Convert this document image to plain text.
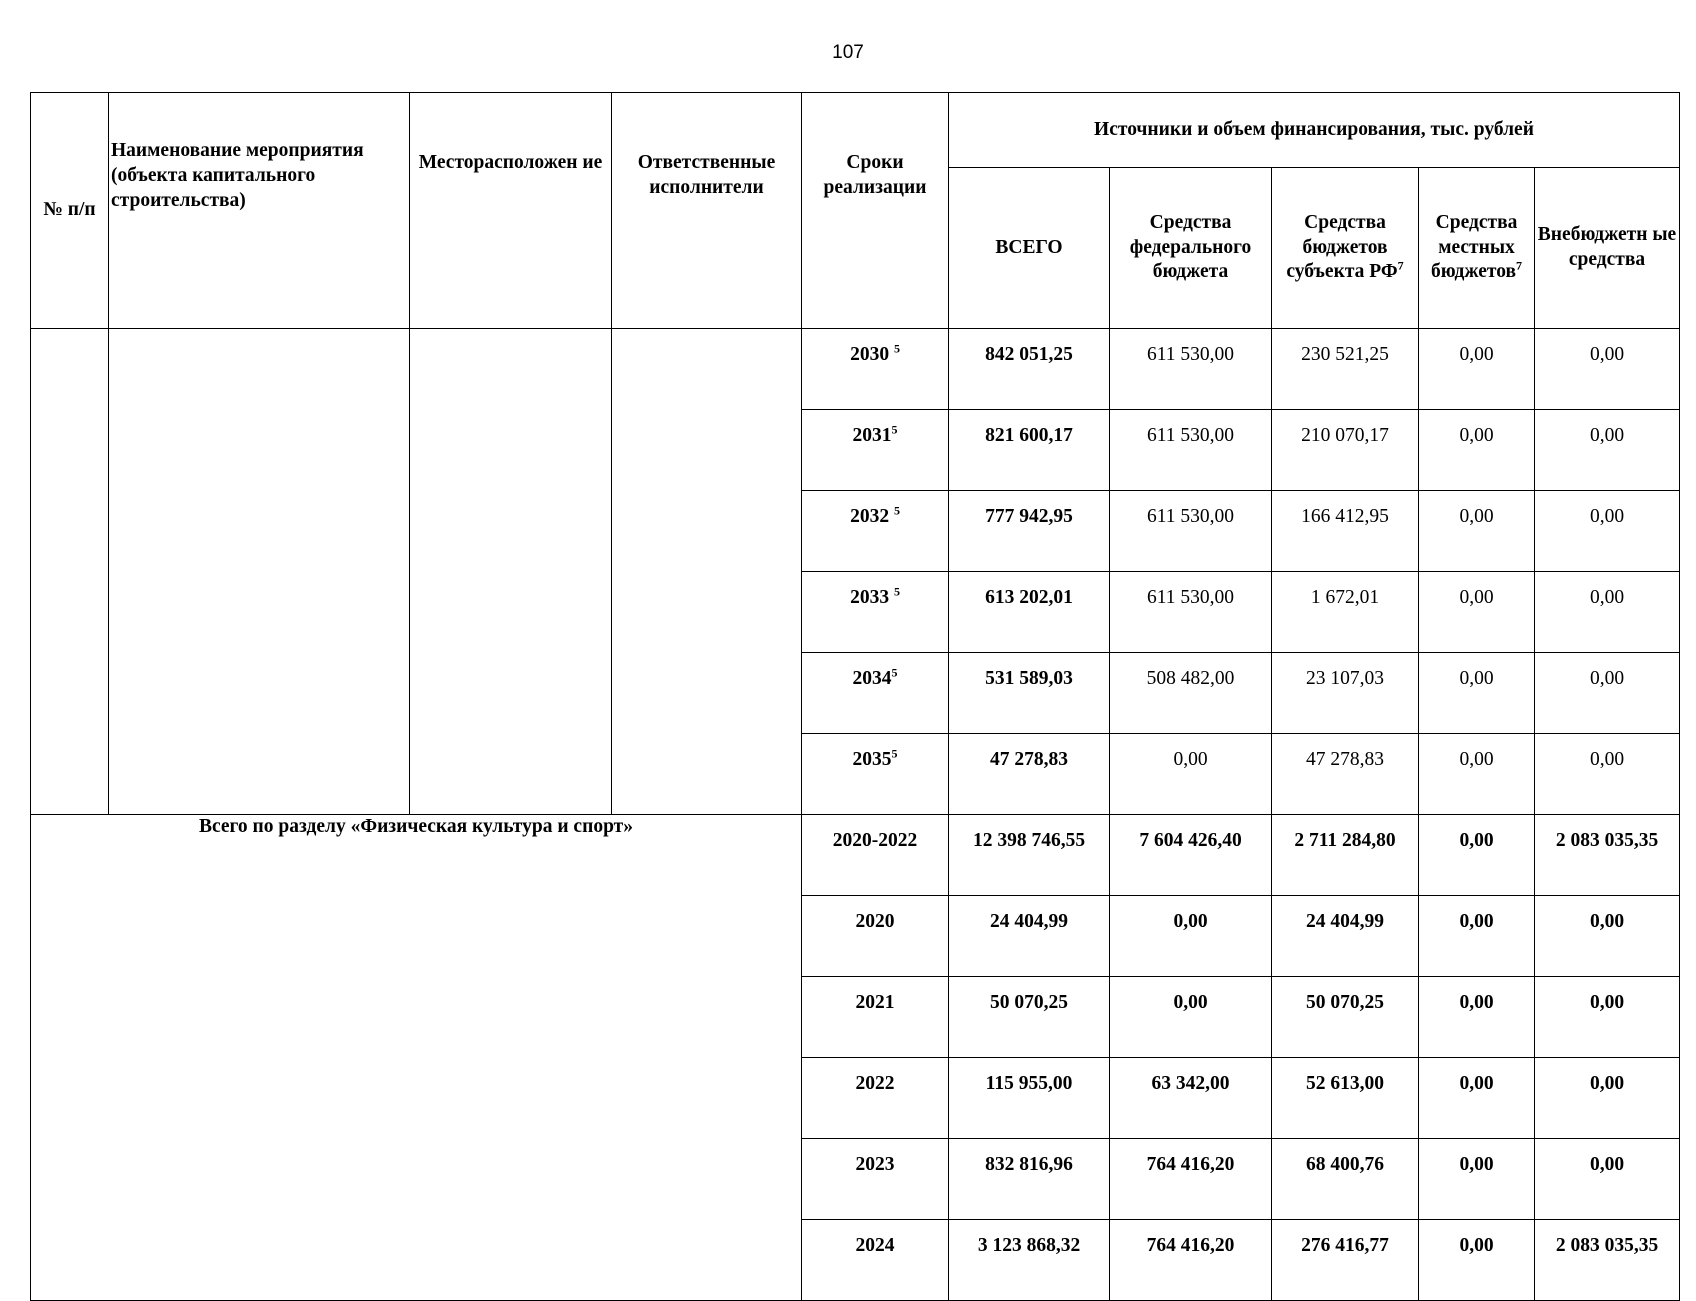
107
№ п/п	Наименование мероприятия (объекта капитального строительства)	Месторасположен ие	Ответственные исполнители	Сроки реализации	Источники и объем финансирования, тыс. рублей				
					ВСЕГО	Средства федерального бюджета	Средства бюджетов субъекта $РФ^7$	Средства местных бюджетов$^7$	Внебюджетн ые средства
				2030 $^5$	842 051,25	611 530,00	230 521,25	0,00	0,00
				2031$^5$	821 600,17	611 530,00	210 070,17	0,00	0,00
				2032 $^5$	777 942,95	611 530,00	166 412,95	0,00	0,00
				2033 $^5$	613 202,01	611 530,00	1 672,01	0,00	0,00
				2034$^5$	531 589,03	508 482,00	23 107,03	0,00	0,00
				2035$^5$	47 278,83	0,00	47 278,83	0,00	0,00
Всего по разделу «Физическая культура и спорт»				2020-2022	12 398 746,55	7 604 426,40	2 711 284,80	0,00	2 083 035,35
				2020	24 404,99	0,00	24 404,99	0,00	0,00
				2021	50 070,25	0,00	50 070,25	0,00	0,00
				2022	115 955,00	63 342,00	52 613,00	0,00	0,00
				2023	832 816,96	764 416,20	68 400,76	0,00	0,00
				2024	3 123 868,32	764 416,20	276 416,77	0,00	2 083 035,35
